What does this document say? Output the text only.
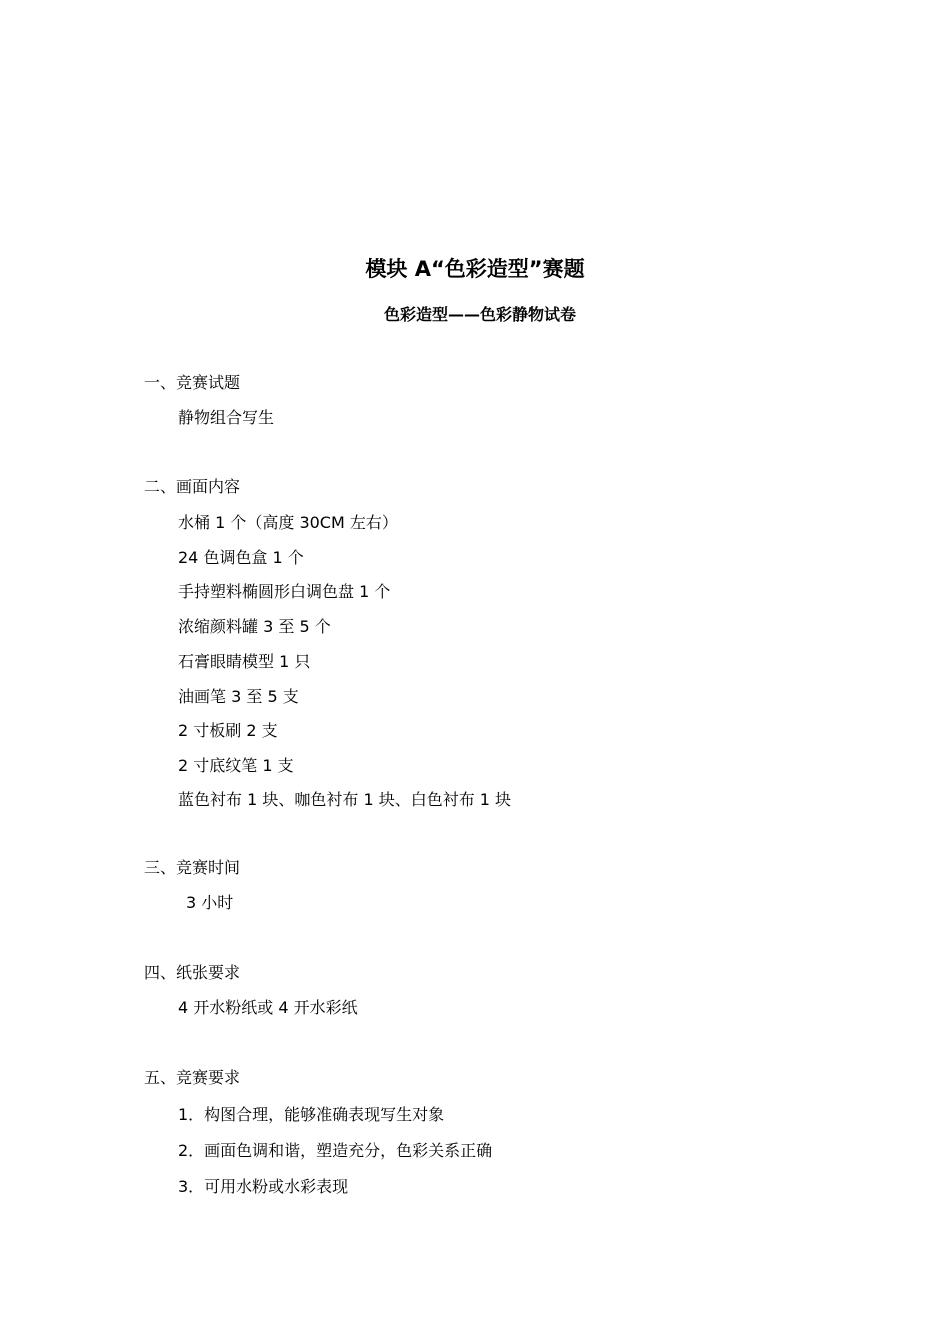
模块 A“色彩造型”赛题
色彩造型——色彩静物试卷
一、竞赛试题
静物组合写生
二、画面内容
水桶 1 个（高度 30CM 左右）
24 色调色盒 1 个
手持塑料椭圆形白调色盘 1 个
浓缩颜料罐 3 至 5 个
石膏眼睛模型 1 只
油画笔 3 至 5 支
2 寸板刷 2 支
2 寸底纹笔 1 支
蓝色衬布 1 块、咖色衬布 1 块、白色衬布 1 块
三、竞赛时间
3 小时
四、纸张要求
4 开水粉纸或 4 开水彩纸
五、竞赛要求
1．构图合理，能够准确表现写生对象
2．画面色调和谐，塑造充分，色彩关系正确
3．可用水粉或水彩表现
